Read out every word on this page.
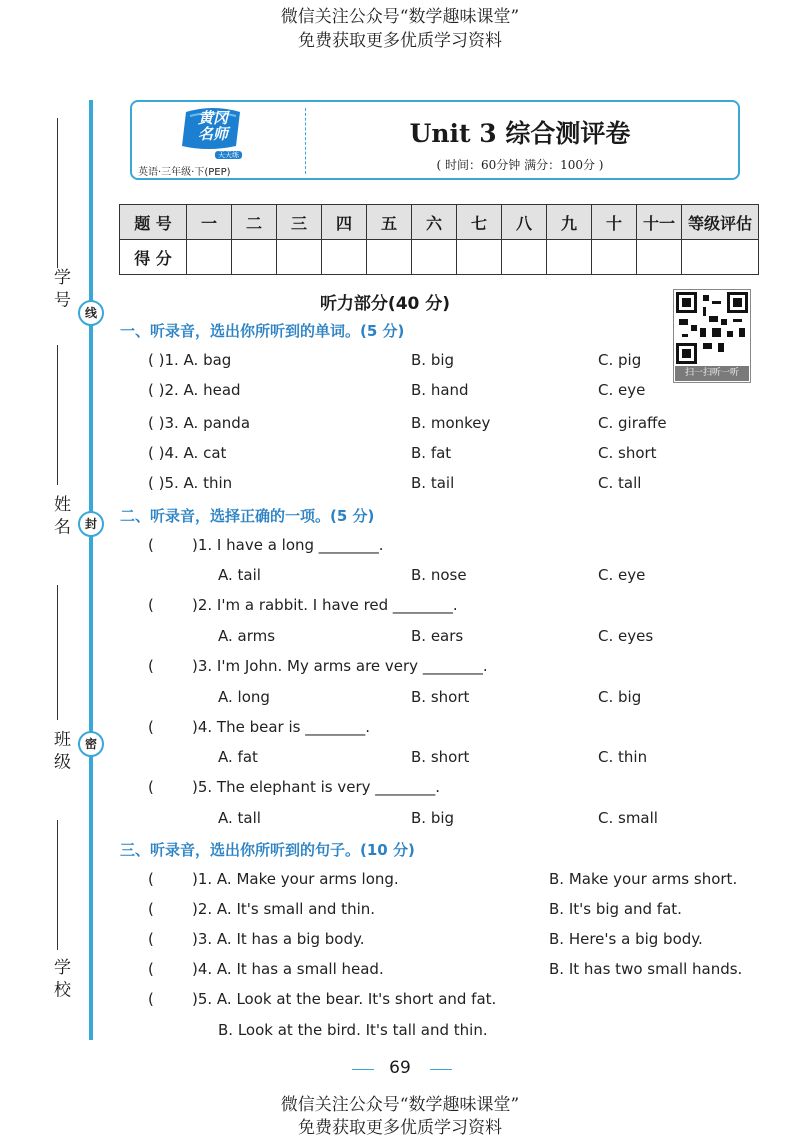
微信关注公众号“数学趣味课堂”
免费获取更多优质学习资料
学 号
姓 名
班 级
学 校
线
封
密
黄冈
名师
天天练
英语·三年级·下(PEP)
Unit 3 综合测评卷
( 时间：60分钟 满分：100分 )
题 号	一	二	三	四	五	六	七	八	九	十	十一	等级评估
得 分												
听力部分(40 分)
扫一扫听一听
一、听录音，选出你所听到的单词。(5 分)
( )1. A. bag	B. big	C. pig
( )2. A. head	B. hand	C. eye
( )3. A. panda	B. monkey	C. giraffe
( )4. A. cat	B. fat	C. short
( )5. A. thin	B. tail	C. tall
二、听录音，选择正确的一项。(5 分)
(	)1. I have a long ________.
A. tail	B. nose	C. eye
(	)2. I'm a rabbit. I have red ________.
A. arms	B. ears	C. eyes
(	)3. I'm John. My arms are very ________.
A. long	B. short	C. big
(	)4. The bear is ________.
A. fat	B. short	C. thin
(	)5. The elephant is very ________.
A. tall	B. big	C. small
三、听录音，选出你所听到的句子。(10 分)
(	)1. A. Make your arms long.	B. Make your arms short.
(	)2. A. It's small and thin.	B. It's big and fat.
(	)3. A. It has a big body.	B. Here's a big body.
(	)4. A. It has a small head.	B. It has two small hands.
(	)5. A. Look at the bear. It's short and fat.
B. Look at the bird. It's tall and thin.
69
微信关注公众号“数学趣味课堂”
免费获取更多优质学习资料
